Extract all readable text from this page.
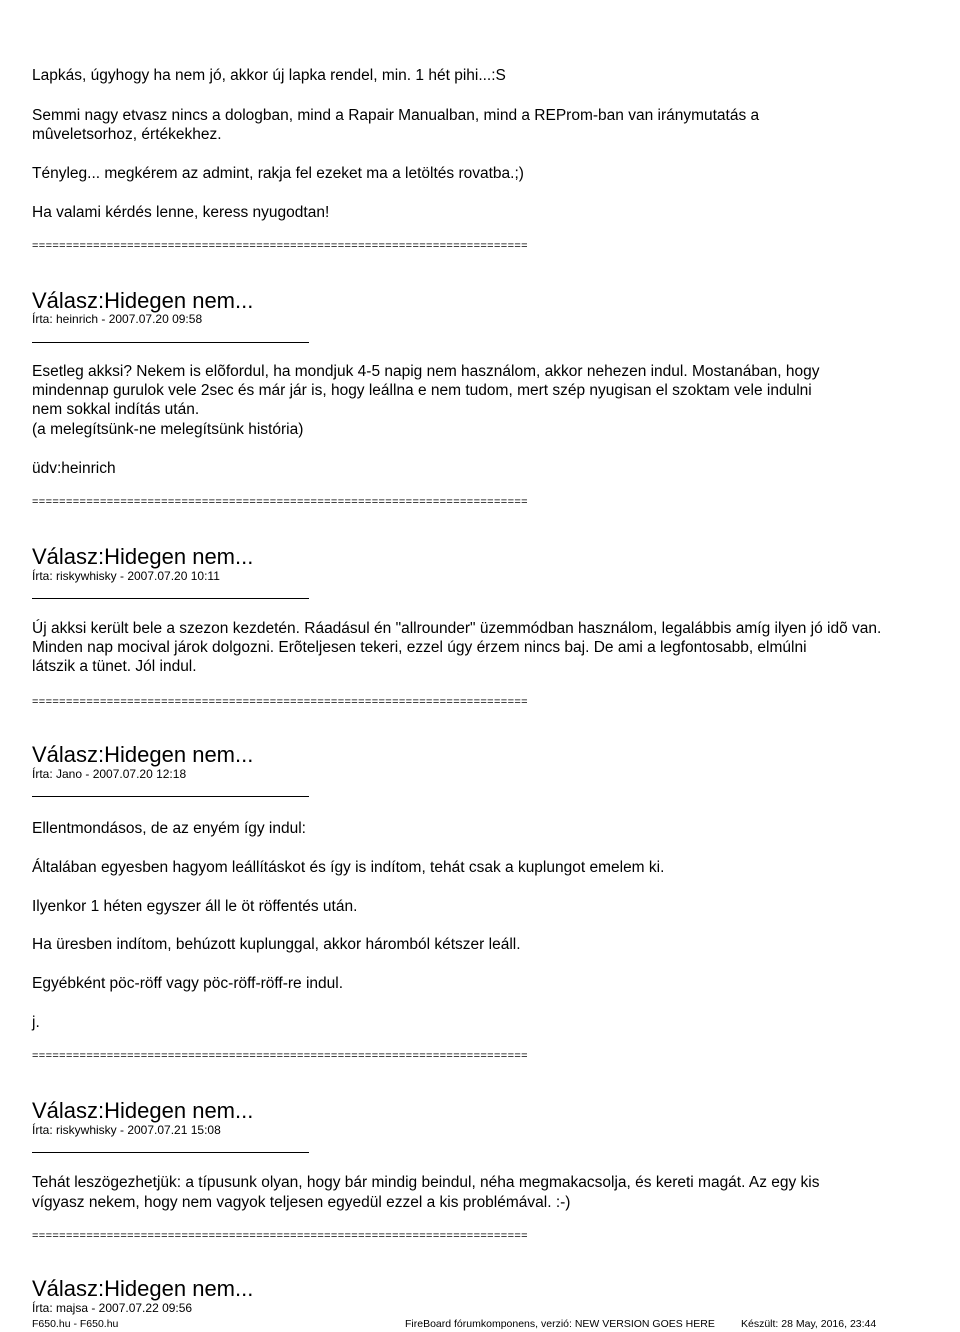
Lapkás, úgyhogy ha nem jó, akkor új lapka rendel, min. 1 hét pihi...:S
Semmi nagy etvasz nincs a dologban, mind a Rapair Manualban, mind a REProm-ban van iránymutatás a
mûveletsorhoz, értékekhez.
Tényleg... megkérem az admint, rakja fel ezeket ma a letöltés rovatba.;)
Ha valami kérdés lenne, keress nyugodtan!
=========================================================================
Válasz:Hidegen nem...
Írta: heinrich - 2007.07.20 09:58
Esetleg akksi? Nekem is elõfordul, ha mondjuk 4-5 napig nem használom, akkor nehezen indul. Mostanában, hogy
mindennap gurulok vele 2sec és már jár is, hogy leállna e nem tudom, mert szép nyugisan el szoktam vele indulni
nem sokkal indítás után.
(a melegítsünk-ne melegítsünk história)
üdv:heinrich
=========================================================================
Válasz:Hidegen nem...
Írta: riskywhisky - 2007.07.20 10:11
Új akksi került bele a szezon kezdetén. Ráadásul én "allrounder" üzemmódban használom, legalábbis amíg ilyen jó idõ van.
Minden nap mocival járok dolgozni. Erõteljesen tekeri, ezzel úgy érzem nincs baj. De ami a legfontosabb, elmúlni
látszik a tünet. Jól indul.
=========================================================================
Válasz:Hidegen nem...
Írta: Jano - 2007.07.20 12:18
Ellentmondásos, de az enyém így indul:
Általában egyesben hagyom leállításkot és így is indítom, tehát csak a kuplungot emelem ki.
Ilyenkor 1 héten egyszer áll le öt röffentés után.
Ha üresben indítom, behúzott kuplunggal, akkor háromból kétszer leáll.
Egyébként pöc-röff vagy pöc-röff-röff-re indul.
j.
=========================================================================
Válasz:Hidegen nem...
Írta: riskywhisky - 2007.07.21 15:08
Tehát leszögezhetjük: a típusunk olyan, hogy bár mindig beindul, néha megmakacsolja, és kereti magát. Az egy kis
vígyasz nekem, hogy nem vagyok teljesen egyedül ezzel a kis problémával. :-)
=========================================================================
Válasz:Hidegen nem...
Írta: majsa - 2007.07.22 09:56
F650.hu - F650.hu	FireBoard fórumkomponens, verzió: NEW VERSION GOES HERE Készült: 28 May, 2016, 23:44
